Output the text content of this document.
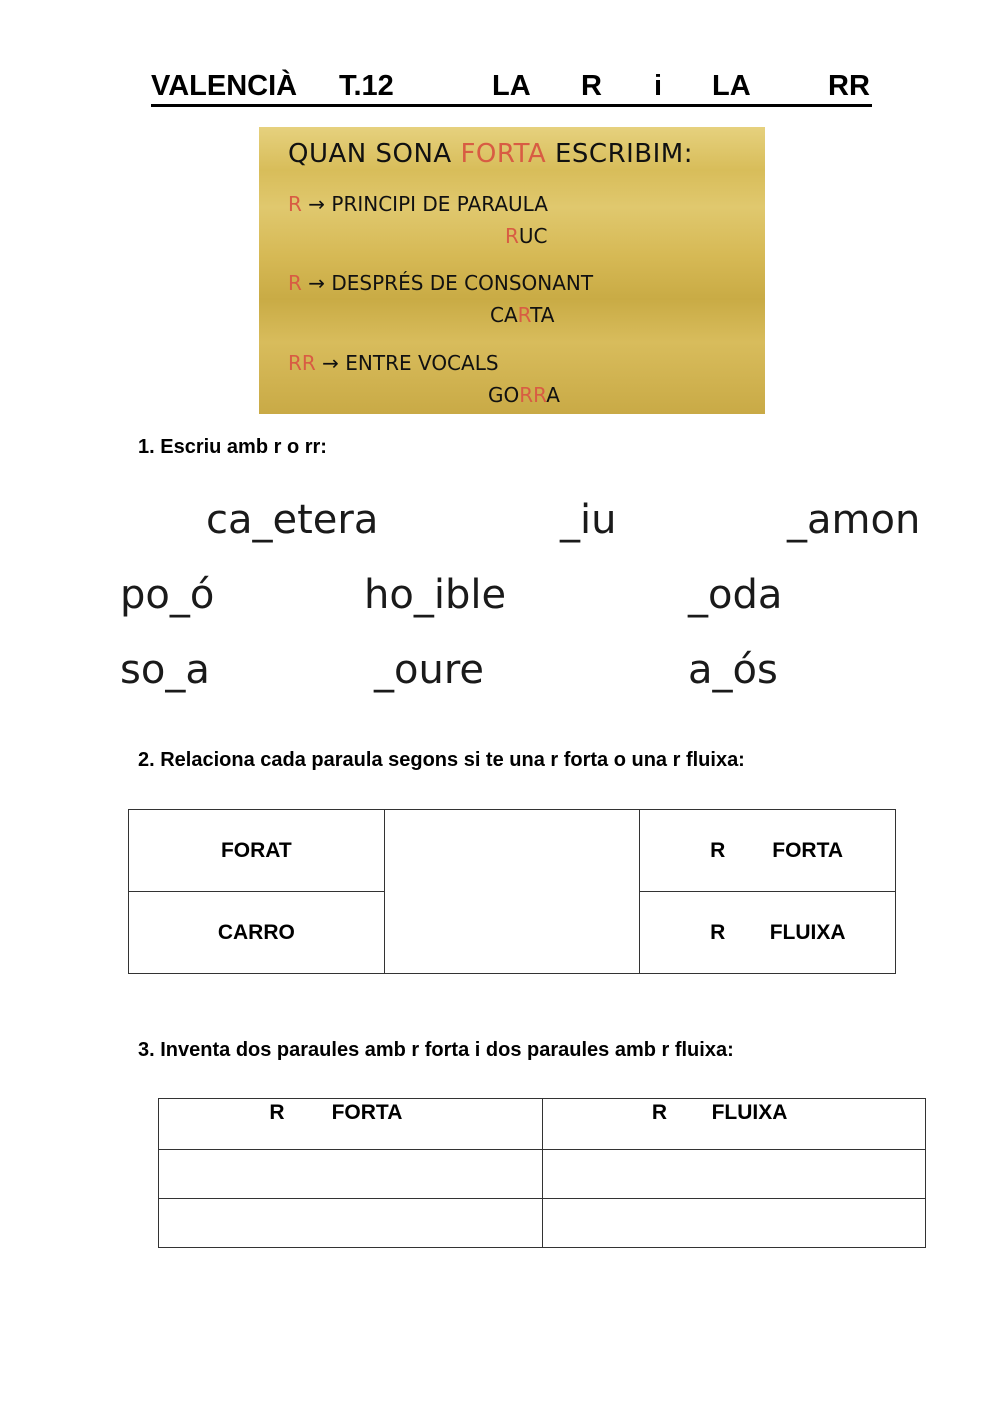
VALENCIÀ T.12	LA R i LA	RR
QUAN SONA FORTA ESCRIBIM:
R → PRINCIPI DE PARAULA
RUC
R → DESPRÉS DE CONSONANT
CARTA
RR → ENTRE VOCALS
GORRA
1. Escriu amb r o rr:
ca_etera	_iu	_amon
po_ó	ho_ible	_oda
so_a	_oure	a_ós
2. Relaciona cada paraula segons si te una r forta o una r fluixa:
FORAT		R FORTA
CARRO		R FLUIXA
3. Inventa dos paraules amb r forta i dos paraules amb r fluixa:
R FORTA	R FLUIXA
